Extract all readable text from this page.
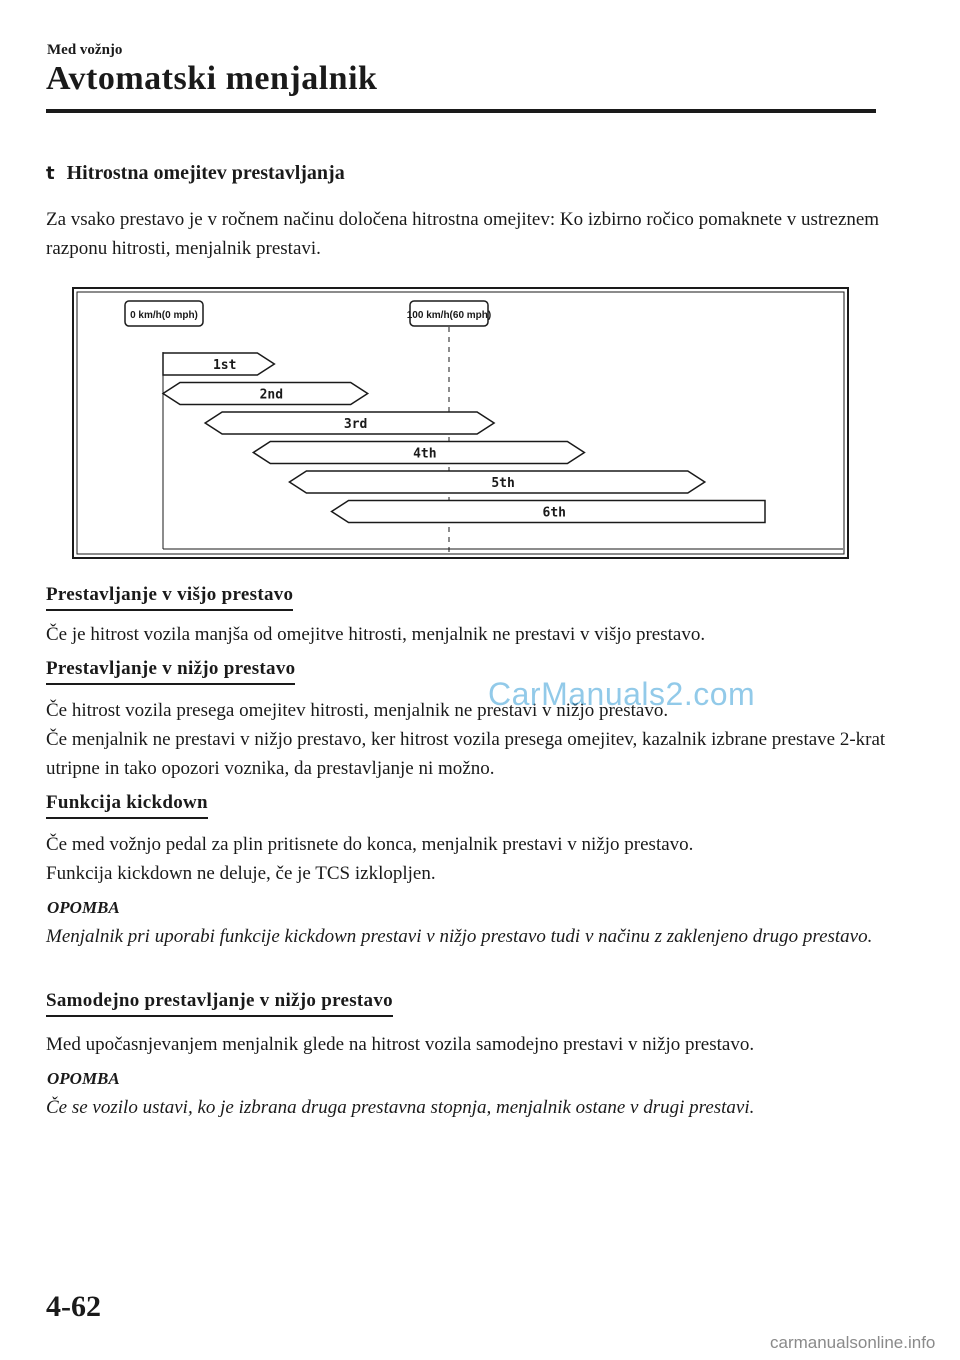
Med vožnjo
Avtomatski menjalnik
t Hitrostna omejitev prestavljanja
Za vsako prestavo je v ročnem načinu določena hitrostna omejitev: Ko izbirno ročico pomaknete v ustreznem razponu hitrosti, menjalnik prestavi.
0 km/h(0 mph)	100 km/h(60 mph)
1st
2nd
3rd
4th
5th
6th
Prestavljanje v višjo prestavo
Če je hitrost vozila manjša od omejitve hitrosti, menjalnik ne prestavi v višjo prestavo.
Prestavljanje v nižjo prestavo
Če hitrost vozila presega omejitev hitrosti, menjalnik ne prestavi v nižjo prestavo.
Če menjalnik ne prestavi v nižjo prestavo, ker hitrost vozila presega omejitev, kazalnik izbrane prestave 2-krat utripne in tako opozori voznika, da prestavljanje ni možno.
Funkcija kickdown
Če med vožnjo pedal za plin pritisnete do konca, menjalnik prestavi v nižjo prestavo.
Funkcija kickdown ne deluje, če je TCS izklopljen.
OPOMBA
Menjalnik pri uporabi funkcije kickdown prestavi v nižjo prestavo tudi v načinu z zaklenjeno drugo prestavo.
Samodejno prestavljanje v nižjo prestavo
Med upočasnjevanjem menjalnik glede na hitrost vozila samodejno prestavi v nižjo prestavo.
OPOMBA
Če se vozilo ustavi, ko je izbrana druga prestavna stopnja, menjalnik ostane v drugi prestavi.
CarManuals2.com
4-62
carmanualsonline.info
